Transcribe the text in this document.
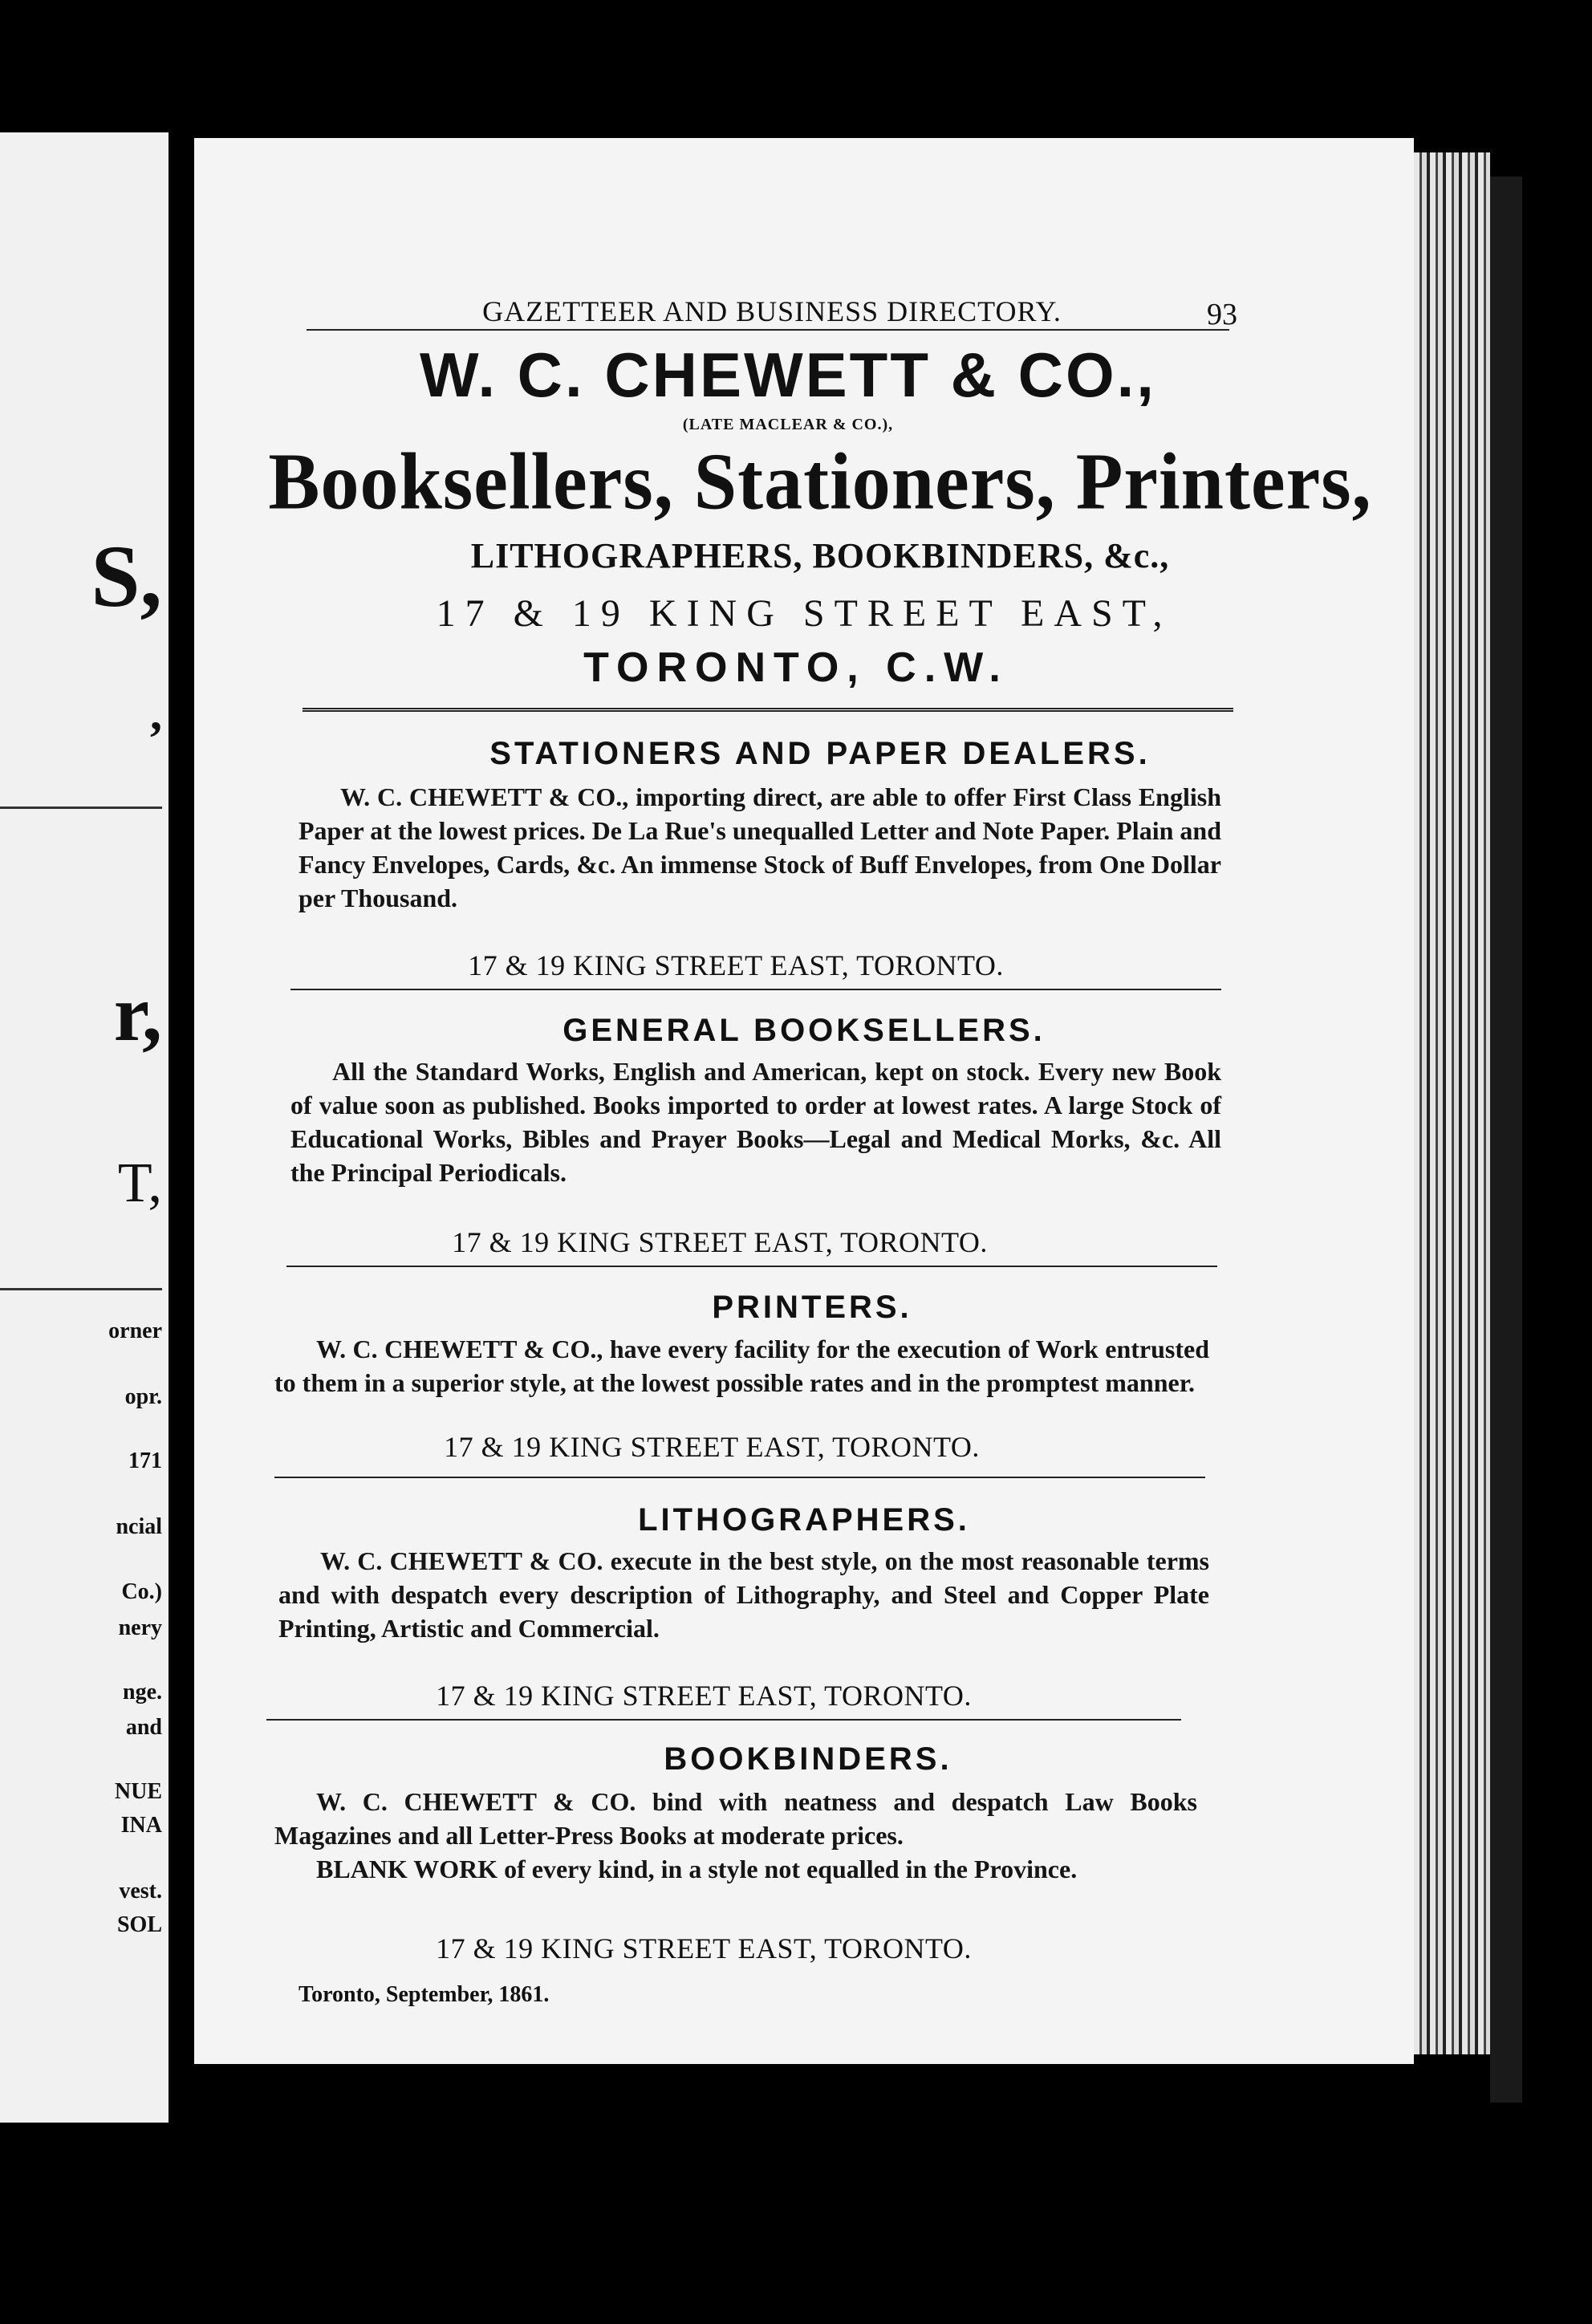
S,
,
r,
T,
orner
opr.
171
ncial
Co.)
nery
nge.
and
NUE
INA
vest.
SOL
GAZETTEER AND BUSINESS DIRECTORY.	93
W. C. CHEWETT & CO.,
(LATE MACLEAR & CO.),
Booksellers, Stationers, Printers,
LITHOGRAPHERS, BOOKBINDERS, &c.,
17 & 19 KING STREET EAST,
TORONTO, C.W.
STATIONERS AND PAPER DEALERS.
W. C. CHEWETT & CO., importing direct, are able to offer First Class English Paper at the lowest prices. De La Rue's unequalled Letter and Note Paper. Plain and Fancy Envelopes, Cards, &c. An immense Stock of Buff Envelopes, from One Dollar per Thousand.
17 & 19 KING STREET EAST, TORONTO.
GENERAL BOOKSELLERS.
All the Standard Works, English and American, kept on stock. Every new Book of value soon as published. Books imported to order at lowest rates. A large Stock of Educational Works, Bibles and Prayer Books—Legal and Medical Morks, &c. All the Principal Periodicals.
17 & 19 KING STREET EAST, TORONTO.
PRINTERS.
W. C. CHEWETT & CO., have every facility for the execution of Work entrusted to them in a superior style, at the lowest possible rates and in the promptest manner.
17 & 19 KING STREET EAST, TORONTO.
LITHOGRAPHERS.
W. C. CHEWETT & CO. execute in the best style, on the most reasonable terms and with despatch every description of Lithography, and Steel and Copper Plate Printing, Artistic and Commercial.
17 & 19 KING STREET EAST, TORONTO.
BOOKBINDERS.
W. C. CHEWETT & CO. bind with neatness and despatch Law Books Magazines and all Letter-Press Books at moderate prices.
BLANK WORK of every kind, in a style not equalled in the Province.
17 & 19 KING STREET EAST, TORONTO.
Toronto, September, 1861.
